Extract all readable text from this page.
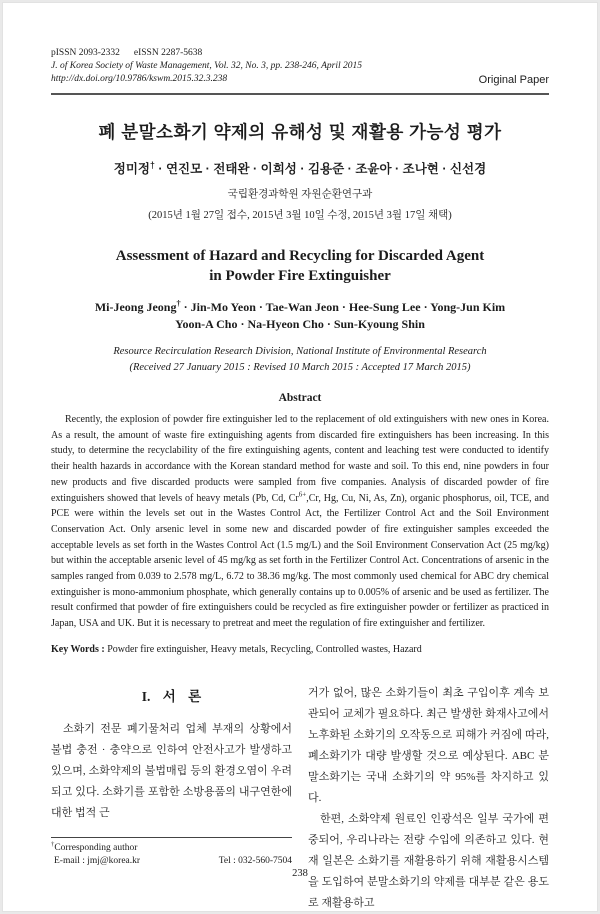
pISSN 2093-2332 eISSN 2287-5638
J. of Korea Society of Waste Management, Vol. 32, No. 3, pp. 238-246, April 2015
http://dx.doi.org/10.9786/kswm.2015.32.3.238	Original Paper
폐 분말소화기 약제의 유해성 및 재활용 가능성 평가
정미정† · 연진모 · 전태완 · 이희성 · 김용준 · 조윤아 · 조나현 · 신선경
국립환경과학원 자원순환연구과
(2015년 1월 27일 접수, 2015년 3월 10일 수정, 2015년 3월 17일 채택)
Assessment of Hazard and Recycling for Discarded Agent
in Powder Fire Extinguisher
Mi-Jeong Jeong† · Jin-Mo Yeon · Tae-Wan Jeon · Hee-Sung Lee · Yong-Jun Kim
Yoon-A Cho · Na-Hyeon Cho · Sun-Kyoung Shin
Resource Recirculation Research Division, National Institute of Environmental Research
(Received 27 January 2015 : Revised 10 March 2015 : Accepted 17 March 2015)
Abstract

Recently, the explosion of powder fire extinguisher led to the replacement of old extinguishers with new ones in Korea. As a result, the amount of waste fire extinguishing agents from discarded fire extinguishers has been increasing. In this study, to determine the recyclability of the fire extinguishing agents, content and leaching test were conducted to identify their health hazards in accordance with the Korean standard method for waste and soil. To this end, nine powders in four new products and five discarded products were sampled from five companies. Analysis of discarded powder of fire extinguishers showed that levels of heavy metals (Pb, Cd, $Cr^{6+},Cr$, Hg, Cu, Ni, As, Zn), organic phosphorus, oil, TCE, and PCE were within the levels set out in the Wastes Control Act, the Fertilizer Control Act and the Soil Environment Conservation Act. Only arsenic level in some new and discarded powder of fire extinguisher samples exceeded the acceptable levels as set forth in the Wastes Control Act (1.5 mg/L) and the Soil Environment Conservation Act (25 mg/kg) but within the acceptable arsenic level of 45 mg/kg as set forth in the Fertilizer Control Act. Concentrations of arsenic in the samples ranged from 0.039 to 2.578 mg/L, 6.72 to 38.36 mg/kg. The most commonly used chemical for ABC dry chemical extinguisher is mono-ammonium phosphate, which generally contains up to 0.005% of arsenic and be used as fertilizer. The result confirmed that powder of fire extinguishers could be recycled as fire extinguisher powder or fertilizer as practiced in Japan, USA and UK. But it is necessary to pretreat and meet the regulation of fire extinguisher and fertilizer.

Key Words : Powder fire extinguisher, Heavy metals, Recycling, Controlled wastes, Hazard
I. 서 론

소화기 전문 폐기물처리 업체 부재의 상황에서 불법 충전 · 충약으로 인하여 안전사고가 발생하고 있으며, 소화약제의 불법매립 등의 환경오염이 우려되고 있다. 소화기를 포함한 소방용품의 내구연한에 대한 법적 근

†Corresponding author
E-mail : jmj@korea.kr	Tel : 032-560-7504

거가 없어, 많은 소화기들이 최초 구입이후 계속 보관되어 교체가 필요하다. 최근 발생한 화재사고에서 노후화된 소화기의 오작동으로 피해가 커짐에 따라, 폐소화기가 대량 발생할 것으로 예상된다. ABC 분말소화기는 국내 소화기의 약 95%를 차지하고 있다.

한편, 소화약제 원료인 인광석은 일부 국가에 편중되어, 우리나라는 전량 수입에 의존하고 있다. 현재 일본은 소화기를 재활용하기 위해 재활용시스템을 도입하여 분말소화기의 약제를 대부분 같은 용도로 재활용하고

238
